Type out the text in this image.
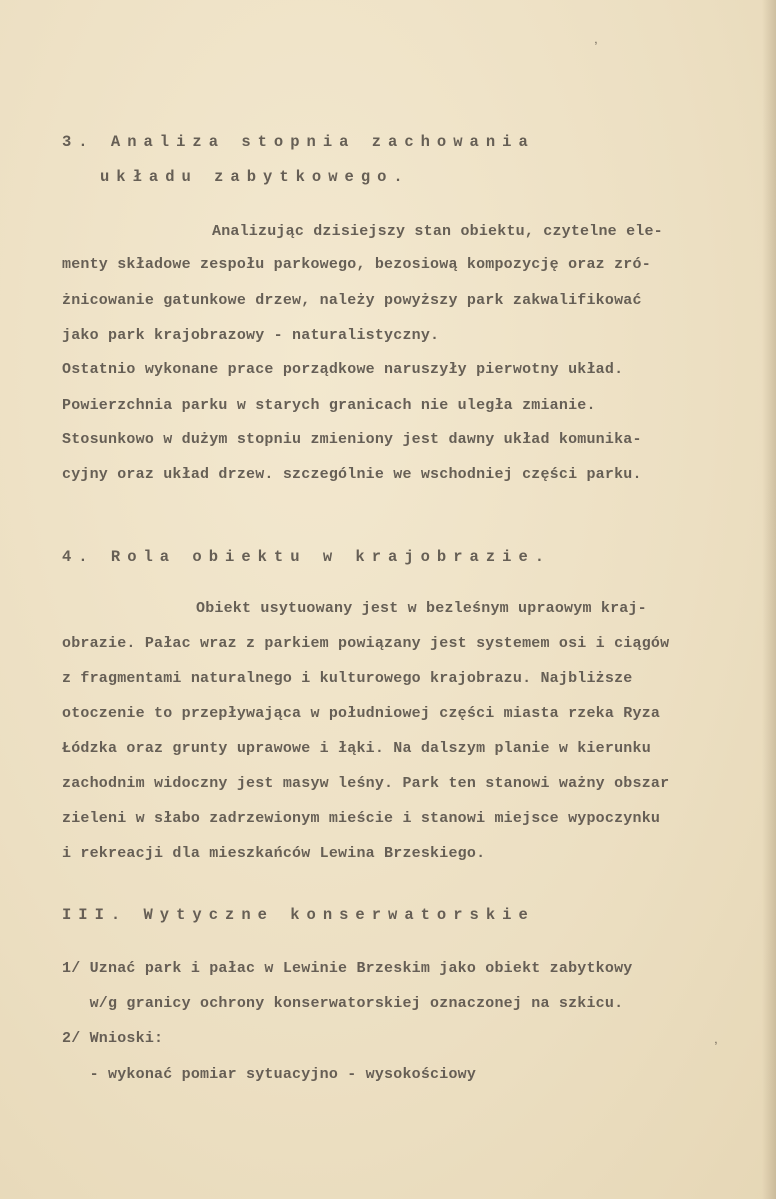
ʼ
ʼ
3. Analiza stopnia zachowania
układu zabytkowego.
Analizując dzisiejszy stan obiektu, czytelne ele-
menty składowe zespołu parkowego, bezosiową kompozycję oraz zró-
żnicowanie gatunkowe drzew, należy powyższy park zakwalifikować
jako park krajobrazowy - naturalistyczny.
Ostatnio wykonane prace porządkowe naruszyły pierwotny układ.
Powierzchnia parku w starych granicach nie uległa zmianie.
Stosunkowo w dużym stopniu zmieniony jest dawny układ komunika-
cyjny oraz układ drzew. szczególnie we wschodniej części parku.
4. Rola obiektu w krajobrazie.
Obiekt usytuowany jest w bezleśnym upraowym kraj-
obrazie. Pałac wraz z parkiem powiązany jest systemem osi i ciągów
z fragmentami naturalnego i kulturowego krajobrazu. Najbliższe
otoczenie to przepływająca w południowej części miasta rzeka Ryza
Łódzka oraz grunty uprawowe i łąki. Na dalszym planie w kierunku
zachodnim widoczny jest masyw leśny. Park ten stanowi ważny obszar
zieleni w słabo zadrzewionym mieście i stanowi miejsce wypoczynku
i rekreacji dla mieszkańców Lewina Brzeskiego.
III. Wytyczne konserwatorskie
1/ Uznać park i pałac w Lewinie Brzeskim jako obiekt zabytkowy
w/g granicy ochrony konserwatorskiej oznaczonej na szkicu.
2/ Wnioski:
- wykonać pomiar sytuacyjno - wysokościowy
